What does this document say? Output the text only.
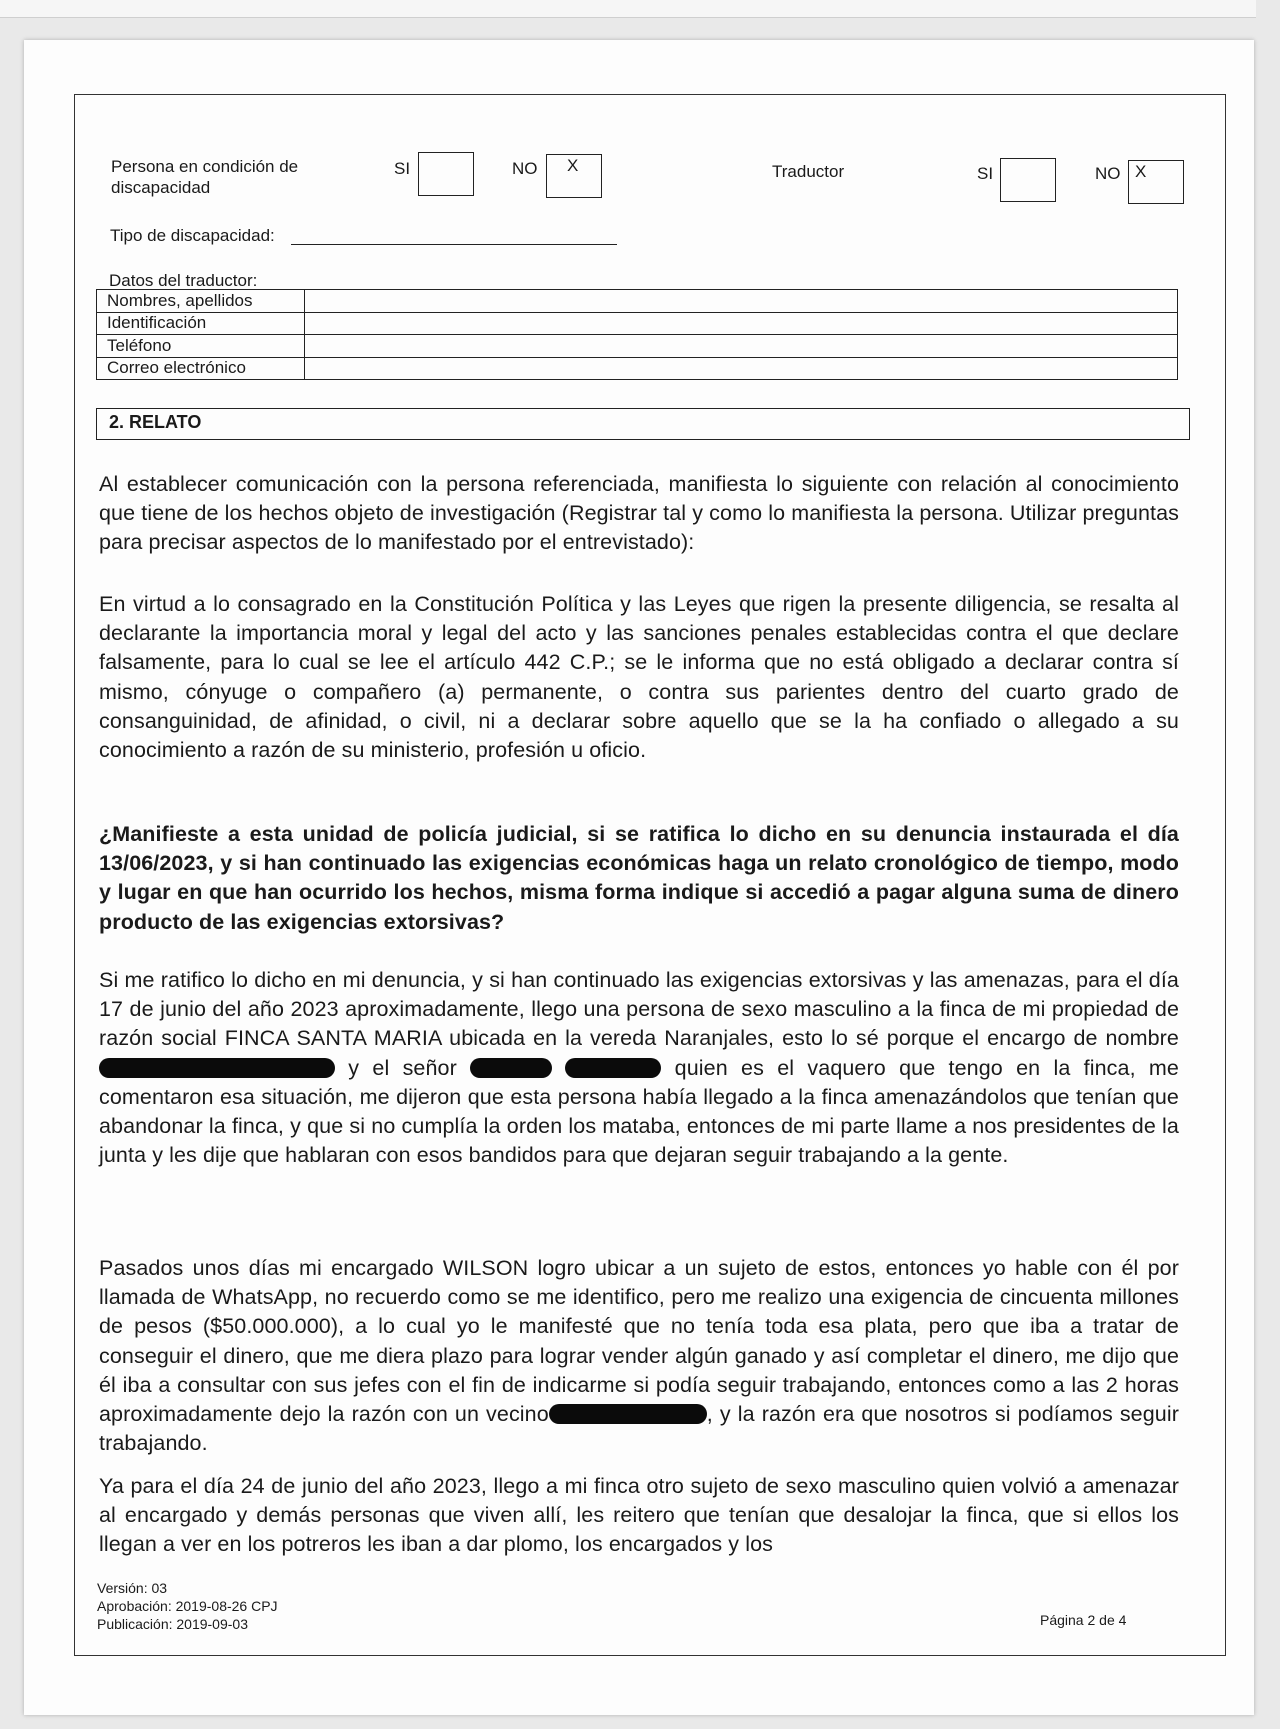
Persona en condición de discapacidad
SI	NO	X	Traductor	SI	NO X
Tipo de discapacidad:
Datos del traductor:
Nombres, apellidos	
Identificación	
Teléfono	
Correo electrónico	
2. RELATO
Al establecer comunicación con la persona referenciada, manifiesta lo siguiente con relación al conocimiento que tiene de los hechos objeto de investigación (Registrar tal y como lo manifiesta la persona. Utilizar preguntas para precisar aspectos de lo manifestado por el entrevistado):
En virtud a lo consagrado en la Constitución Política y las Leyes que rigen la presente diligencia, se resalta al declarante la importancia moral y legal del acto y las sanciones penales establecidas contra el que declare falsamente, para lo cual se lee el artículo 442 C.P.; se le informa que no está obligado a declarar contra sí mismo, cónyuge o compañero (a) permanente, o contra sus parientes dentro del cuarto grado de consanguinidad, de afinidad, o civil, ni a declarar sobre aquello que se la ha confiado o allegado a su conocimiento a razón de su ministerio, profesión u oficio.
¿Manifieste a esta unidad de policía judicial, si se ratifica lo dicho en su denuncia instaurada el día 13/06/2023, y si han continuado las exigencias económicas haga un relato cronológico de tiempo, modo y lugar en que han ocurrido los hechos, misma forma indique si accedió a pagar alguna suma de dinero producto de las exigencias extorsivas?
Si me ratifico lo dicho en mi denuncia, y si han continuado las exigencias extorsivas y las amenazas, para el día 17 de junio del año 2023 aproximadamente, llego una persona de sexo masculino a la finca de mi propiedad de razón social FINCA SANTA MARIA ubicada en la vereda Naranjales, esto lo sé porque el encargo de nombre  y el señor	quien es el vaquero que tengo en la finca, me comentaron esa situación, me dijeron que esta persona había llegado a la finca amenazándolos que tenían que abandonar la finca, y que si no cumplía la orden los mataba, entonces de mi parte llame a nos presidentes de la junta y les dije que hablaran con esos bandidos para que dejaran seguir trabajando a la gente.
Pasados unos días mi encargado WILSON logro ubicar a un sujeto de estos, entonces yo hable con él por llamada de WhatsApp, no recuerdo como se me identifico, pero me realizo una exigencia de cincuenta millones de pesos ($50.000.000), a lo cual yo le manifesté que no tenía toda esa plata, pero que iba a tratar de conseguir el dinero, que me diera plazo para lograr vender algún ganado y así completar el dinero, me dijo que él iba a consultar con sus jefes con el fin de indicarme si podía seguir trabajando, entonces como a las 2 horas aproximadamente dejo la razón con un vecino	, y la razón era que nosotros si podíamos seguir trabajando.
Ya para el día 24 de junio del año 2023, llego a mi finca otro sujeto de sexo masculino quien volvió a amenazar al encargado y demás personas que viven allí, les reitero que tenían que desalojar la finca, que si ellos los llegan a ver en los potreros les iban a dar plomo, los encargados y los
Versión: 03
Aprobación: 2019-08-26 CPJ
Publicación: 2019-09-03	Página 2 de 4
